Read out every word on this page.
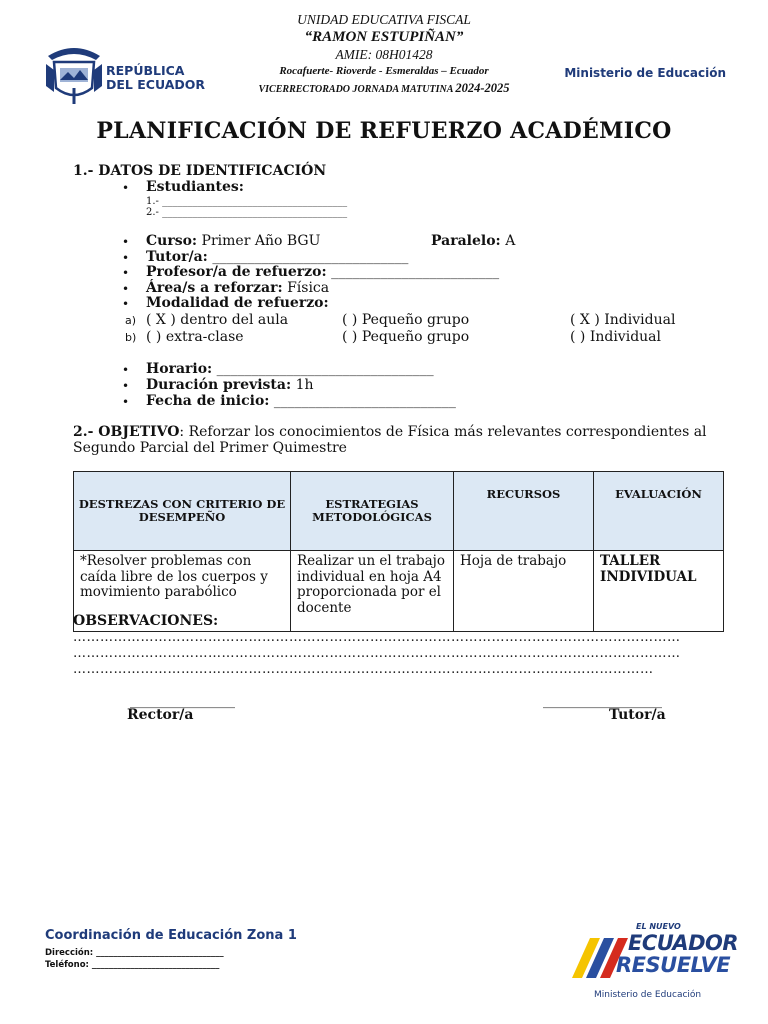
REPÚBLICA
DEL ECUADOR
Ministerio de Educación
UNIDAD EDUCATIVA FISCAL
“RAMON ESTUPIÑAN”
AMIE: 08H01428
Rocafuerte- Rioverde - Esmeraldas – Ecuador
VICERRECTORADO JORNADA MATUTINA 2024-2025
PLANIFICACIÓN DE REFUERZO ACADÉMICO
1.- DATOS DE IDENTIFICACIÓN
• Estudiantes:
1.- _____________________________________
2.- _____________________________________
• Curso: Primer Año BGU	Paralelo: A
• Tutor/a: ____________________________
• Profesor/a de refuerzo: ________________________
• Área/s a reforzar: Física
• Modalidad de refuerzo:
a) ( X ) dentro del aula	( ) Pequeño grupo	( X ) Individual
b) ( ) extra-clase	( ) Pequeño grupo	( ) Individual
• Horario: _______________________________
• Duración prevista: 1h
• Fecha de inicio: __________________________
2.- OBJETIVO: Reforzar los conocimientos de Física más relevantes correspondientes al
Segundo Parcial del Primer Quimestre
DESTREZAS CON CRITERIO DE DESEMPEÑO	ESTRATEGIAS METODOLÓGICAS	RECURSOS	EVALUACIÓN
*Resolver problemas con caída libre de los cuerpos y movimiento parabólico	Realizar un el trabajo individual en hoja A4 proporcionada por el docente	Hoja de trabajo	TALLER INDIVIDUAL
OBSERVACIONES:
………………………………………………………………………………………………………………………
………………………………………………………………………………………………………………………
…………………………………………………………………………………………………………………
_______________	_________________
Rector/a	Tutor/a
Coordinación de Educación Zona 1
Dirección: ______________________________
Teléfono: ______________________________
EL NUEVO
ECUADOR
RESUELVE
Ministerio de Educación
